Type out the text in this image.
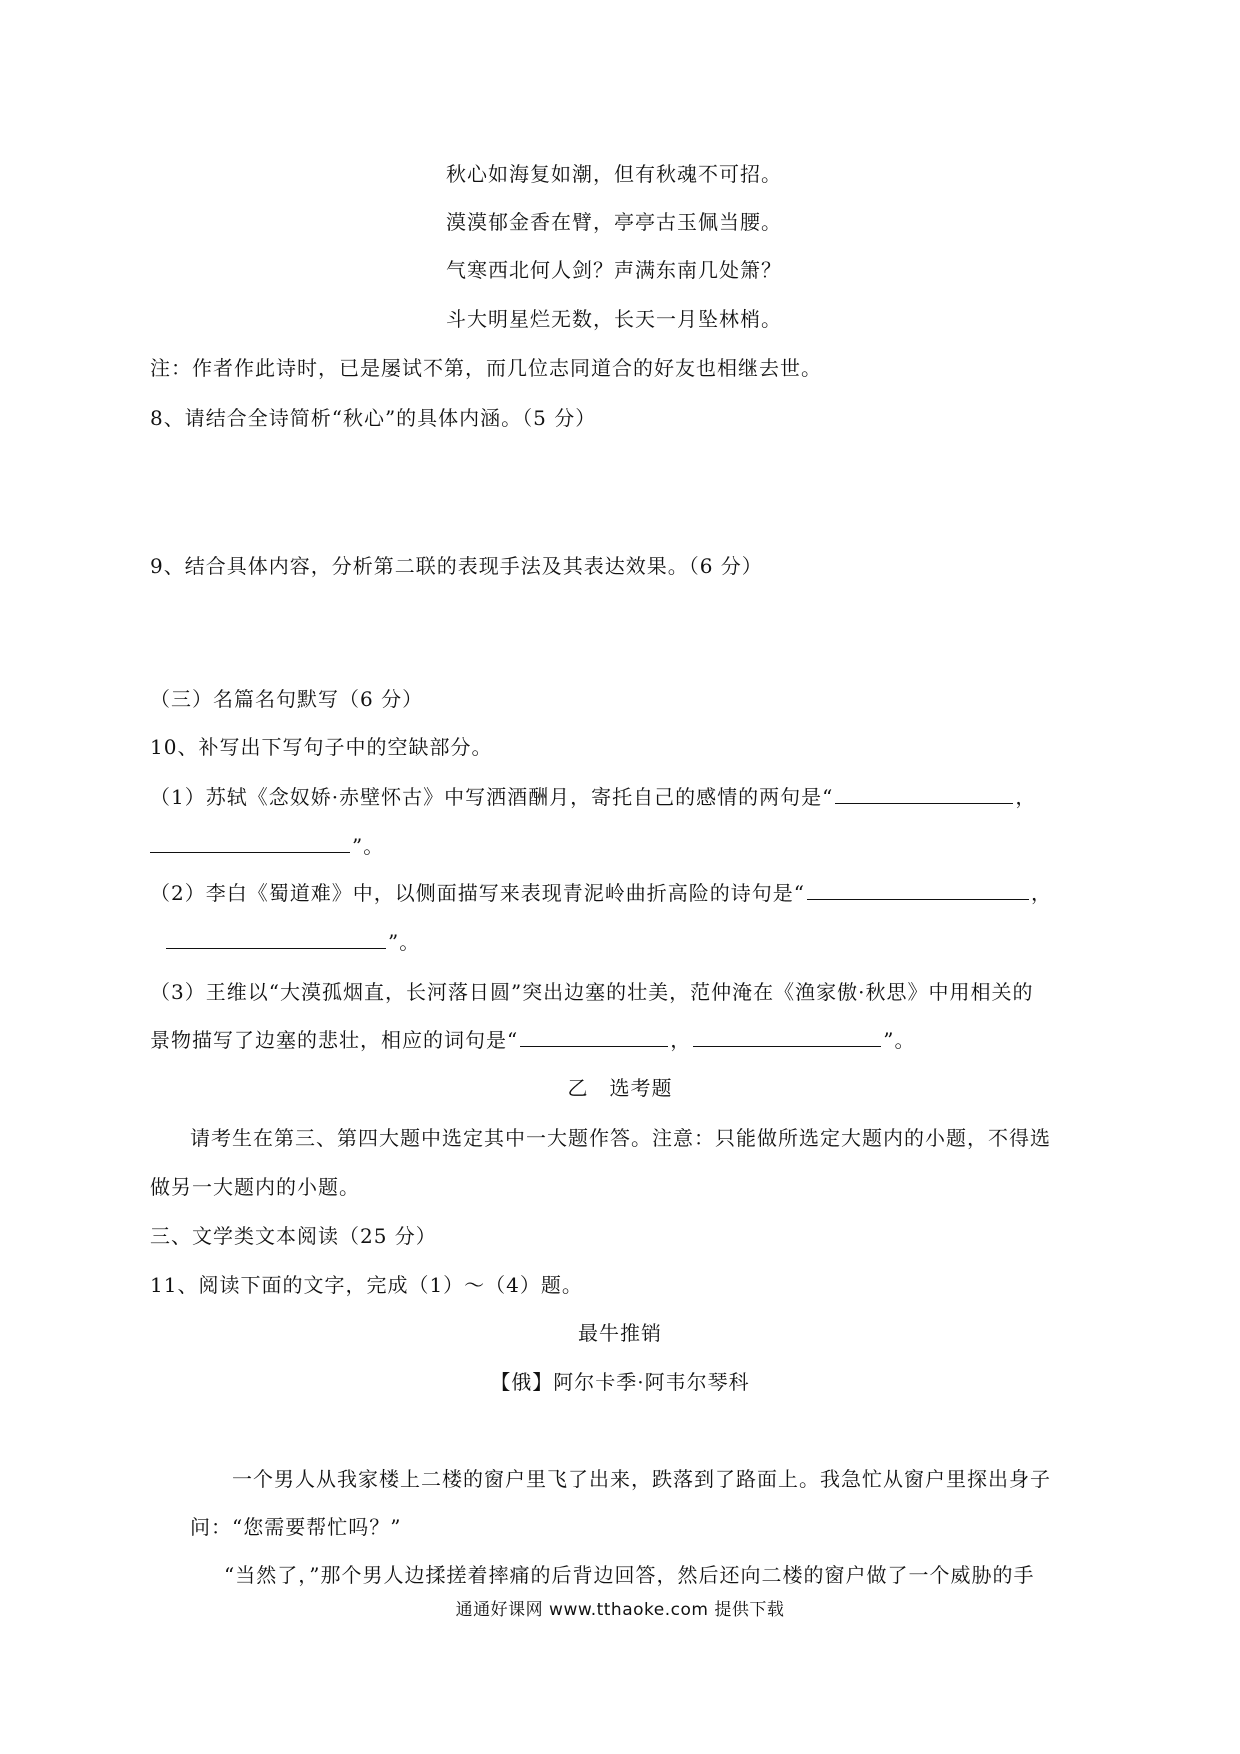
秋心如海复如潮，但有秋魂不可招。
漠漠郁金香在臂，亭亭古玉佩当腰。
气寒西北何人剑？声满东南几处箫？
斗大明星烂无数，长天一月坠林梢。
注：作者作此诗时，已是屡试不第，而几位志同道合的好友也相继去世。
8、请结合全诗简析“秋心”的具体内涵。（5 分）
9、结合具体内容，分析第二联的表现手法及其表达效果。（6 分）
（三）名篇名句默写（6 分）
10、补写出下写句子中的空缺部分。
（1）苏轼《念奴娇·赤壁怀古》中写洒酒酬月，寄托自己的感情的两句是“	，
”。
（2）李白《蜀道难》中，以侧面描写来表现青泥岭曲折高险的诗句是“	，
”。
（3）王维以“大漠孤烟直，长河落日圆”突出边塞的壮美，范仲淹在《渔家傲·秋思》中用相关的
景物描写了边塞的悲壮，相应的词句是“	，	”。
乙　选考题
请考生在第三、第四大题中选定其中一大题作答。注意：只能做所选定大题内的小题，不得选
做另一大题内的小题。
三、文学类文本阅读（25 分）
11、阅读下面的文字，完成（1）～（4）题。
最牛推销
【俄】阿尔卡季·阿韦尔琴科
一个男人从我家楼上二楼的窗户里飞了出来，跌落到了路面上。我急忙从窗户里探出身子
问：“您需要帮忙吗？”
“当然了，”那个男人边揉搓着摔痛的后背边回答，然后还向二楼的窗户做了一个威胁的手
通通好课网 www.tthaoke.com 提供下载
